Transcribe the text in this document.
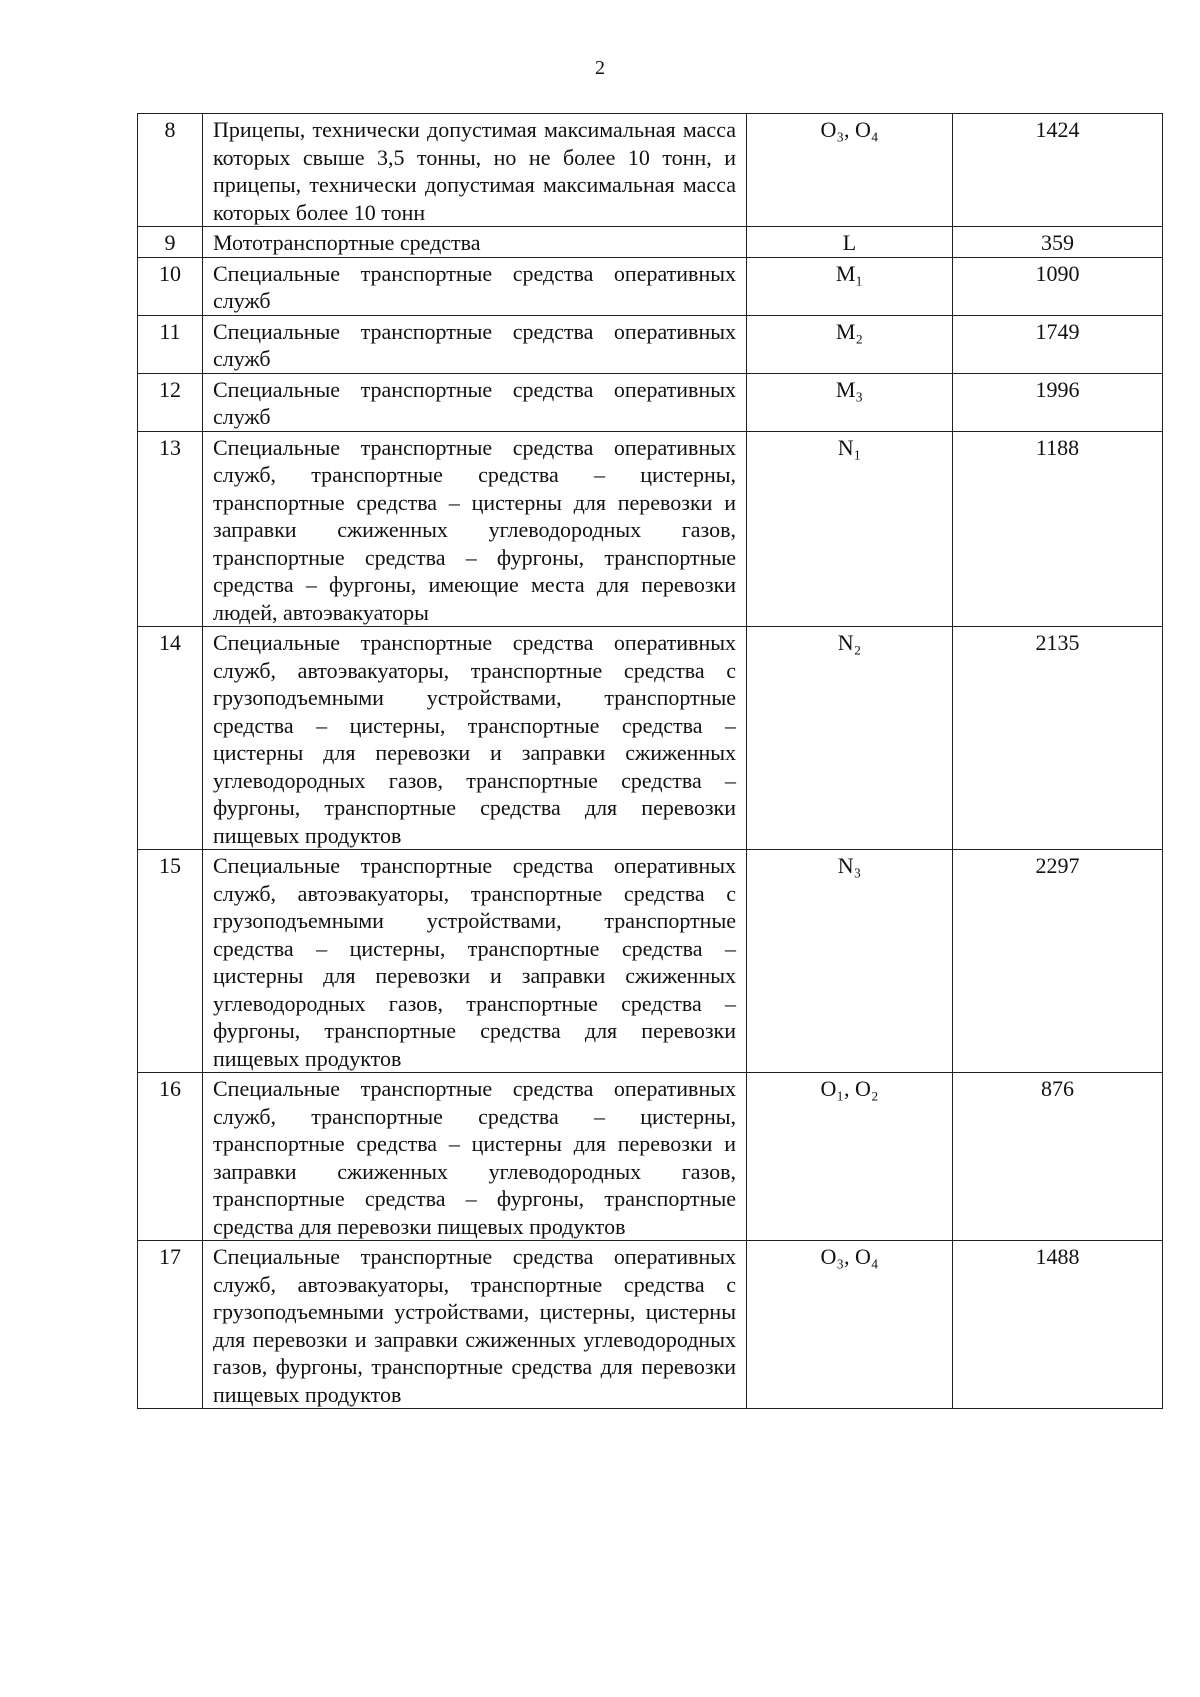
2
8	Прицепы, технически допустимая максимальная масса которых свыше 3,5 тонны, но не более 10 тонн, и прицепы, технически допустимая максимальная масса которых более 10 тонн	O₃, O₄	1424
9	Мототранспортные средства	L	359
10	Специальные транспортные средства оперативных служб	M₁	1090
11	Специальные транспортные средства оперативных служб	M₂	1749
12	Специальные транспортные средства оперативных служб	M₃	1996
13	Специальные транспортные средства оперативных служб, транспортные средства – цистерны, транспортные средства – цистерны для перевозки и заправки сжиженных углеводородных газов, транспортные средства – фургоны, транспортные средства – фургоны, имеющие места для перевозки людей, автоэвакуаторы	N₁	1188
14	Специальные транспортные средства оперативных служб, автоэвакуаторы, транспортные средства с грузоподъемными устройствами, транспортные средства – цистерны, транспортные средства – цистерны для перевозки и заправки сжиженных углеводородных газов, транспортные средства – фургоны, транспортные средства для перевозки пищевых продуктов	N₂	2135
15	Специальные транспортные средства оперативных служб, автоэвакуаторы, транспортные средства с грузоподъемными устройствами, транспортные средства – цистерны, транспортные средства – цистерны для перевозки и заправки сжиженных углеводородных газов, транспортные средства – фургоны, транспортные средства для перевозки пищевых продуктов	N₃	2297
16	Специальные транспортные средства оперативных служб, транспортные средства – цистерны, транспортные средства – цистерны для перевозки и заправки сжиженных углеводородных газов, транспортные средства – фургоны, транспортные средства для перевозки пищевых продуктов	O₁, O₂	876
17	Специальные транспортные средства оперативных служб, автоэвакуаторы, транспортные средства с грузоподъемными устройствами, цистерны, цистерны для перевозки и заправки сжиженных углеводородных газов, фургоны, транспортные средства для перевозки пищевых продуктов	O₃, O₄	1488
